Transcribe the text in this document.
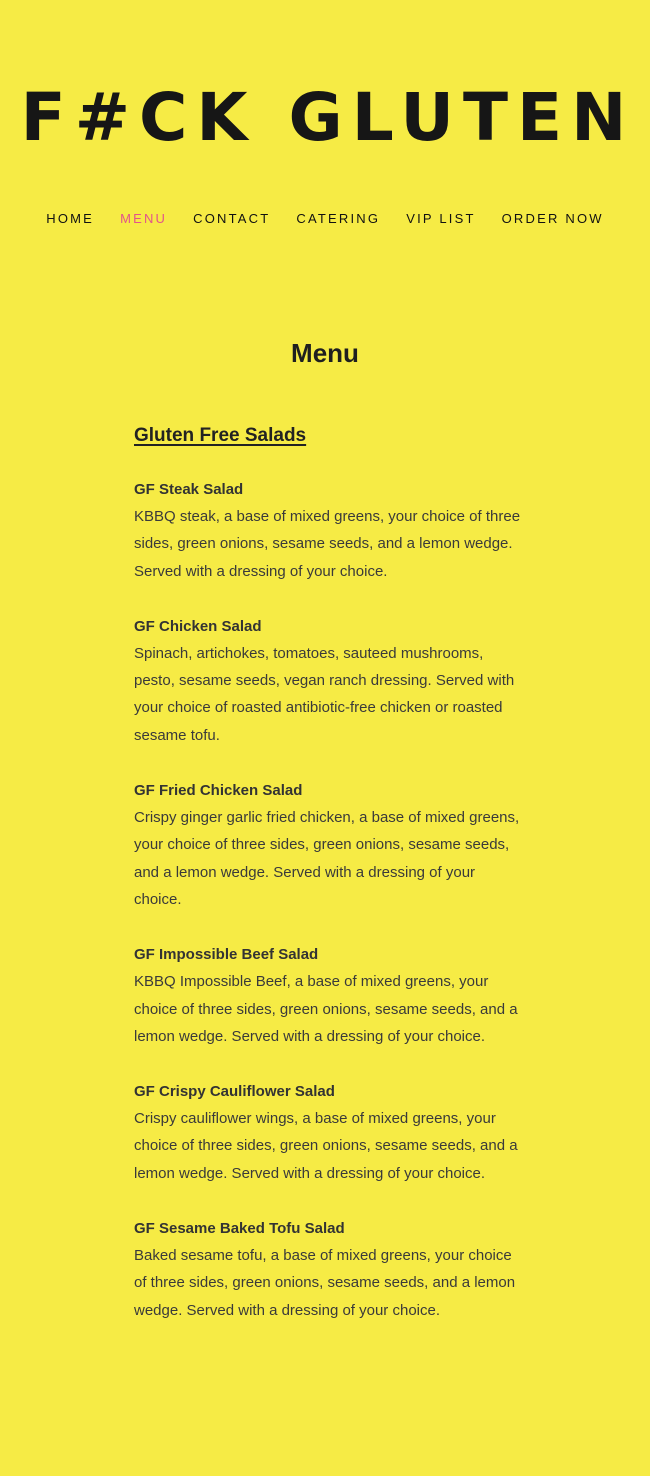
F#CK GLUTEN
HOME MENU CONTACT CATERING VIP LIST ORDER NOW
Menu
Gluten Free Salads
GF Steak Salad

KBBQ steak, a base of mixed greens, your choice of three sides, green onions, sesame seeds, and a lemon wedge. Served with a dressing of your choice.

GF Chicken Salad

Spinach, artichokes, tomatoes, sauteed mushrooms, pesto, sesame seeds, vegan ranch dressing. Served with your choice of roasted antibiotic-free chicken or roasted sesame tofu.

GF Fried Chicken Salad

Crispy ginger garlic fried chicken, a base of mixed greens, your choice of three sides, green onions, sesame seeds, and a lemon wedge. Served with a dressing of your choice.

GF Impossible Beef Salad

KBBQ Impossible Beef, a base of mixed greens, your choice of three sides, green onions, sesame seeds, and a lemon wedge. Served with a dressing of your choice.

GF Crispy Cauliflower Salad

Crispy cauliflower wings, a base of mixed greens, your choice of three sides, green onions, sesame seeds, and a lemon wedge. Served with a dressing of your choice.

GF Sesame Baked Tofu Salad

Baked sesame tofu, a base of mixed greens, your choice of three sides, green onions, sesame seeds, and a lemon wedge. Served with a dressing of your choice.
